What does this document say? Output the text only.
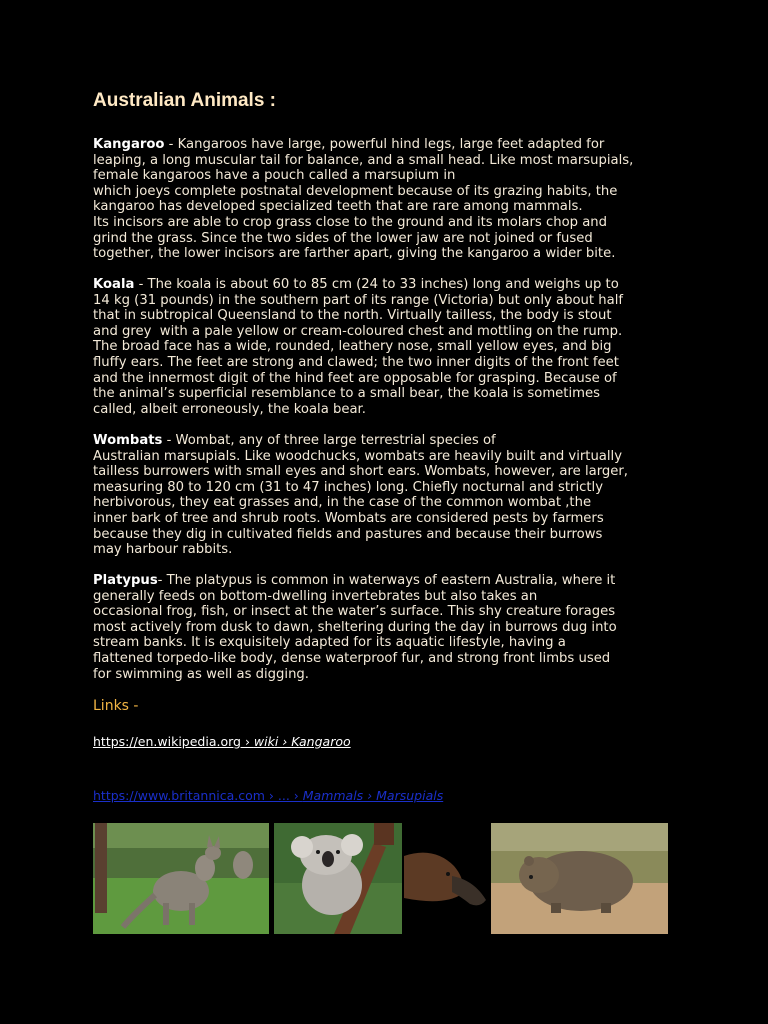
Australian Animals :
Kangaroo - Kangaroos have large, powerful hind legs, large feet adapted for
leaping, a long muscular tail for balance, and a small head. Like most marsupials,
female kangaroos have a pouch called a marsupium in
which joeys complete postnatal development because of its grazing habits, the
kangaroo has developed specialized teeth that are rare among mammals.
Its incisors are able to crop grass close to the ground and its molars chop and
grind the grass. Since the two sides of the lower jaw are not joined or fused
together, the lower incisors are farther apart, giving the kangaroo a wider bite.
Koala - The koala is about 60 to 85 cm (24 to 33 inches) long and weighs up to
14 kg (31 pounds) in the southern part of its range (Victoria) but only about half
that in subtropical Queensland to the north. Virtually tailless, the body is stout
and grey  with a pale yellow or cream-coloured chest and mottling on the rump.
The broad face has a wide, rounded, leathery nose, small yellow eyes, and big
fluffy ears. The feet are strong and clawed; the two inner digits of the front feet
and the innermost digit of the hind feet are opposable for grasping. Because of
the animal’s superficial resemblance to a small bear, the koala is sometimes
called, albeit erroneously, the koala bear.
Wombats - Wombat, any of three large terrestrial species of
Australian marsupials. Like woodchucks, wombats are heavily built and virtually
tailless burrowers with small eyes and short ears. Wombats, however, are larger,
measuring 80 to 120 cm (31 to 47 inches) long. Chiefly nocturnal and strictly
herbivorous, they eat grasses and, in the case of the common wombat ,the
inner bark of tree and shrub roots. Wombats are considered pests by farmers
because they dig in cultivated fields and pastures and because their burrows
may harbour rabbits.
Platypus- The platypus is common in waterways of eastern Australia, where it
generally feeds on bottom-dwelling invertebrates but also takes an
occasional frog, fish, or insect at the water’s surface. This shy creature forages
most actively from dusk to dawn, sheltering during the day in burrows dug into
stream banks. It is exquisitely adapted for its aquatic lifestyle, having a
flattened torpedo-like body, dense waterproof fur, and strong front limbs used
for swimming as well as digging.
Links -
https://en.wikipedia.org › wiki › Kangaroo
https://www.britannica.com › ... › Mammals › Marsupials
